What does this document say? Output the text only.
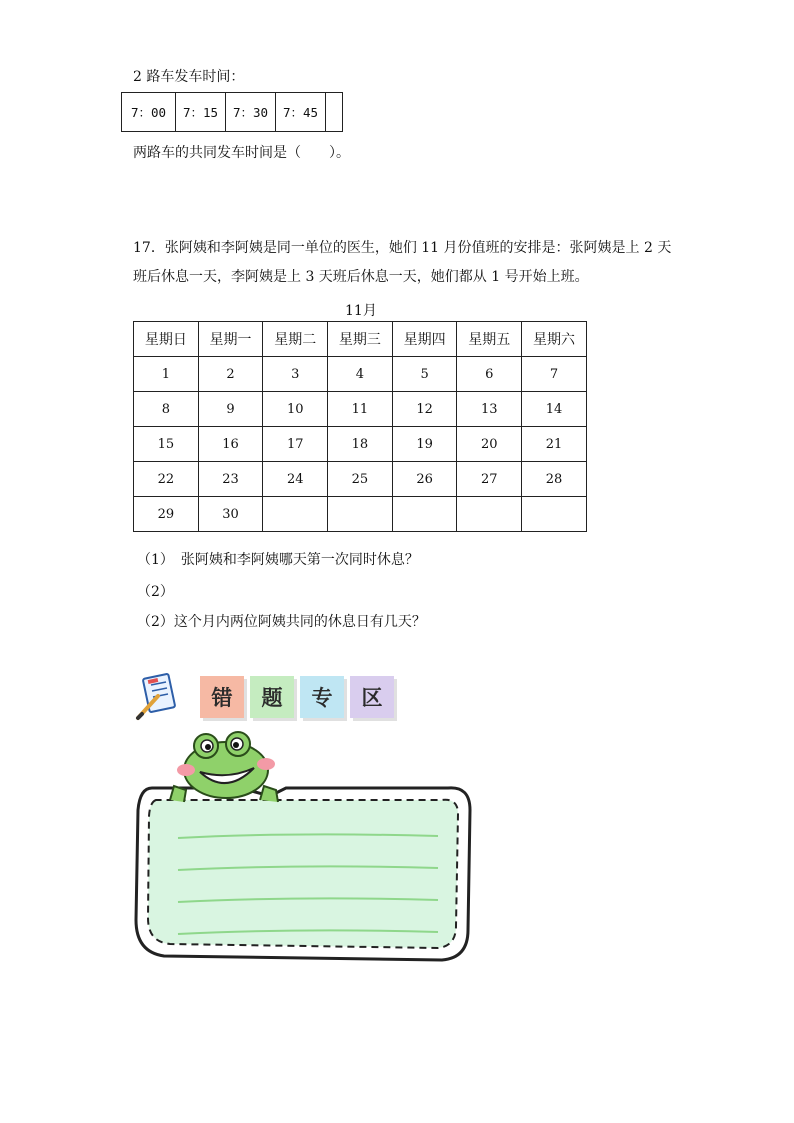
2 路车发车时间：
7：00	7：15	7：30	7：45	
两路车的共同发车时间是（　　）。
17．张阿姨和李阿姨是同一单位的医生，她们 11 月份值班的安排是：张阿姨是上 2 天
班后休息一天，李阿姨是上 3 天班后休息一天，她们都从 1 号开始上班。
11月
星期日	星期一	星期二	星期三	星期四	星期五	星期六
1	2	3	4	5	6	7
8	9	10	11	12	13	14
15	16	17	18	19	20	21
22	23	24	25	26	27	28
29	30					
（1）　张阿姨和李阿姨哪天第一次同时休息？
（2）
（2）这个月内两位阿姨共同的休息日有几天？
错	题	专	区
